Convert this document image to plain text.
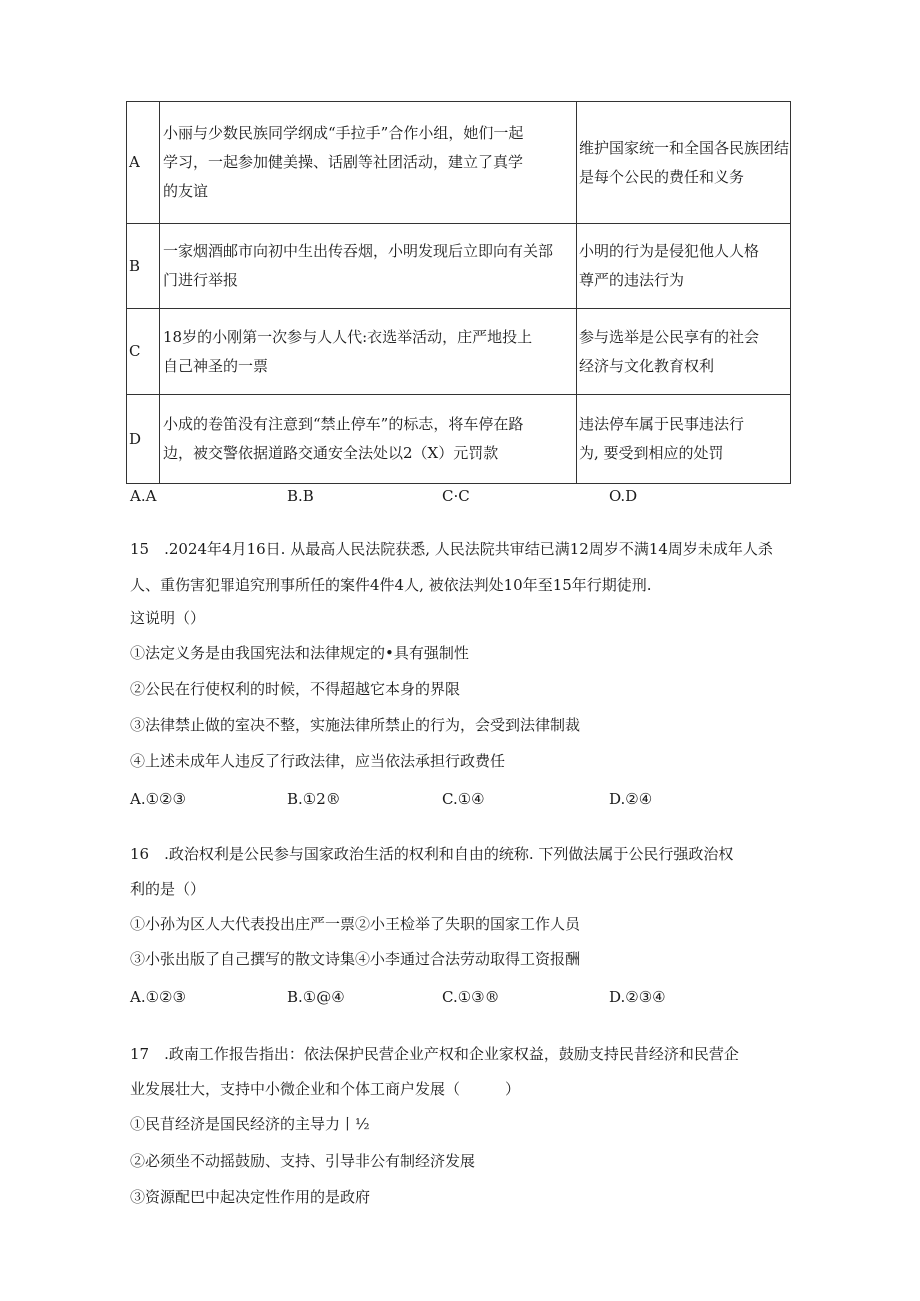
A	小丽与少数民族同学纲成“手拉手”合作小组，她们一起
学习，一起参加健美操、话剧等社团活动，建立了真学
的友谊	维护国家统一和全国各民族团结
是每个公民的费任和义务

B	一家烟酒邮市向初中生出传吞烟，小明发现后立即向有关部
门进行举报	小明的行为是侵犯他人人格
尊严的违法行为

C	18岁的小刚第一次参与人人代:衣选举活动，庄严地投上
自己神圣的一票	参与选举是公民享有的社会
经济与文化教育权利

D	小成的卷笛没有注意到“禁止停车”的标志，将车停在路
边，被交警依据道路交通安全法处以2（X）元罚款	违法停车属于民事违法行
为, 要受到相应的处罚
A.A	B.B	C·C	O.D
15　.2024年4月16日. 从最高人民法院获悉, 人民法院共审结已满12周岁不满14周岁未成年人杀
人、重伤害犯罪追究刑事所任的案件4件4人, 被依法判处10年至15年行期徒刑.
这说明（）
①法定义务是由我国宪法和法律规定的•具有强制性
②公民在行使权利的时候，不得超越它本身的界限
③法律禁止做的室决不整，实施法律所禁止的行为，会受到法律制裁
④上述未成年人违反了行政法律，应当依法承担行政费任
A.①②③	B.①2®	C.①④	D.②④
16　.政治权利是公民参与国家政治生活的权利和自由的统称. 下列做法属于公民行强政治权
利的是（）
①小孙为区人大代表投出庄严一票②小王检举了失职的国家工作人员
③小张出版了自己撰写的散文诗集④小李通过合法劳动取得工资报酬
A.①②③	B.①@④	C.①③®	D.②③④
17　.政南工作报告指出：依法保护民营企业产权和企业家权益，鼓励支持民昔经济和民营企
业发展壮大，支持中小微企业和个体工商户发展（　　　）
①民苜经济是国民经济的主导力丨½
②必须坐不动摇鼓励、支持、引导非公有制经济发展
③资源配巴中起决定性作用的是政府
